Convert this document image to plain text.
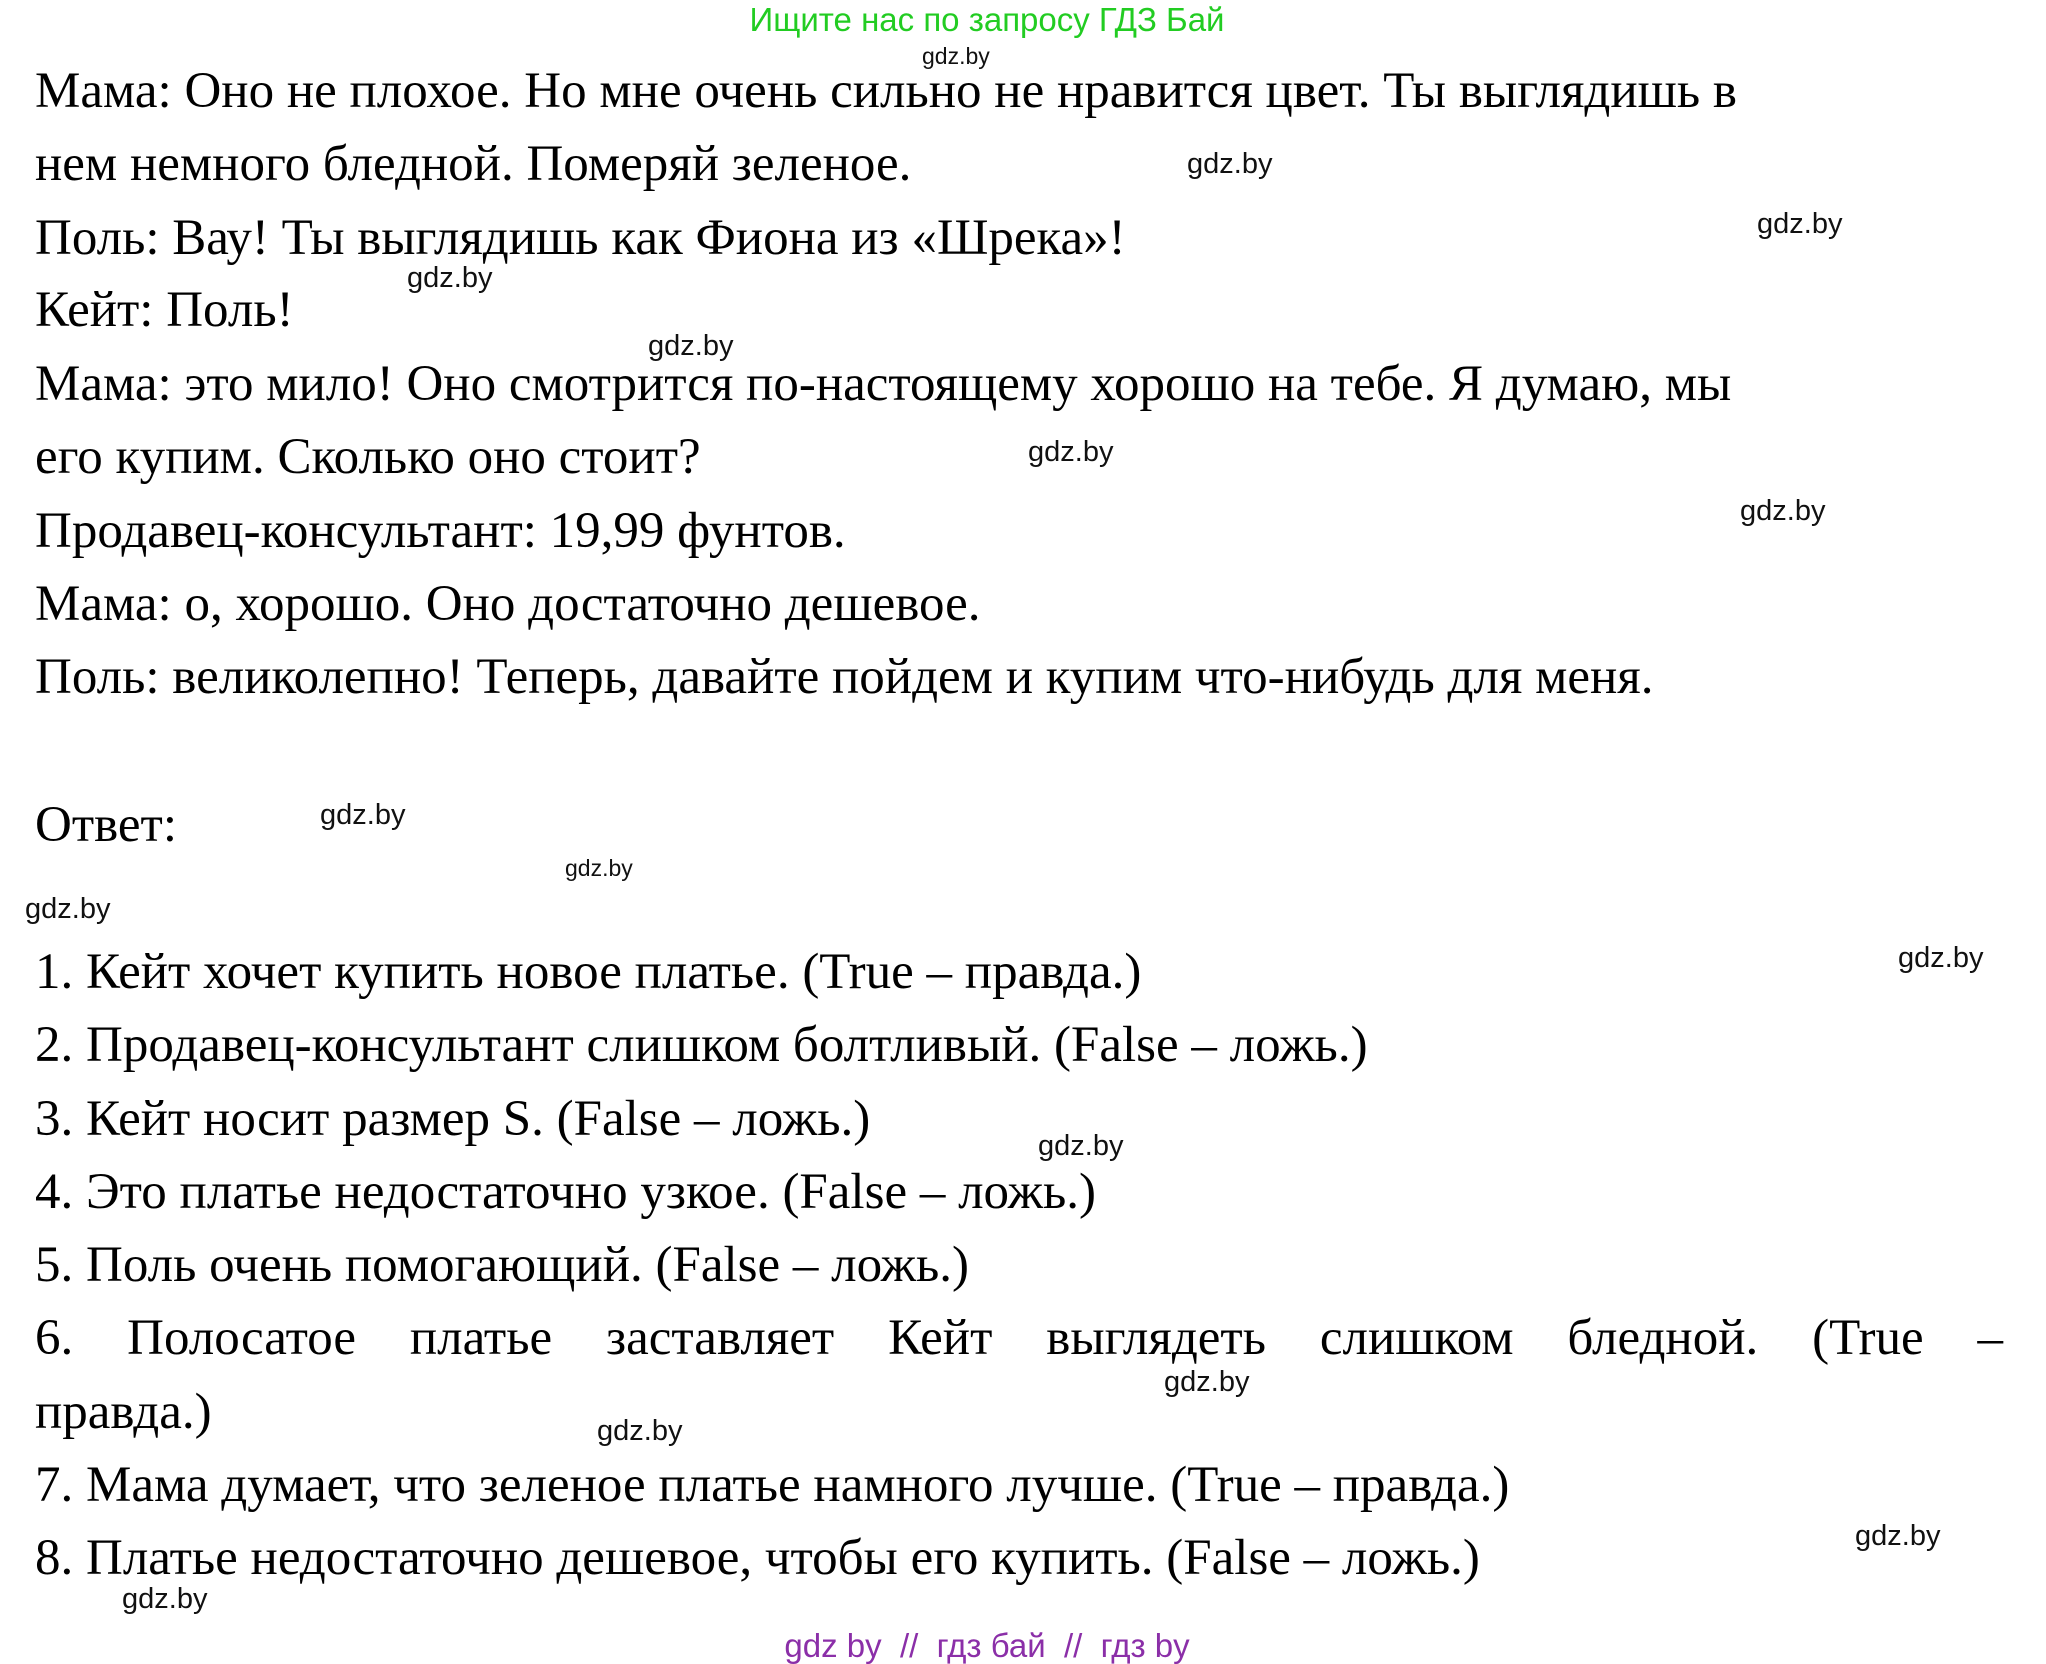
Ищите нас по запросу ГДЗ Бай
Мама: Оно не плохое. Но мне очень сильно не нравится цвет. Ты выглядишь в
нем немного бледной. Померяй зеленое.
Поль: Вау! Ты выглядишь как Фиона из «Шрека»!
Кейт: Поль!
Мама: это мило! Оно смотрится по-настоящему хорошо на тебе. Я думаю, мы
его купим. Сколько оно стоит?
Продавец-консультант: 19,99 фунтов.
Мама: о, хорошо. Оно достаточно дешевое.
Поль: великолепно! Теперь, давайте пойдем и купим что-нибудь для меня.
Ответ:
1. Кейт хочет купить новое платье. (True – правда.)
2. Продавец-консультант слишком болтливый. (False – ложь.)
3. Кейт носит размер S. (False – ложь.)
4. Это платье недостаточно узкое. (False – ложь.)
5. Поль очень помогающий. (False – ложь.)
6. Полосатое платье заставляет Кейт выглядеть слишком бледной. (True –
правда.)
7. Мама думает, что зеленое платье намного лучше. (True – правда.)
8. Платье недостаточно дешевое, чтобы его купить. (False – ложь.)
gdz.by
gdz.by
gdz.by
gdz.by
gdz.by
gdz.by
gdz.by
gdz.by
gdz.by
gdz.by
gdz.by
gdz.by
gdz.by
gdz.by
gdz.by
gdz.by
gdz by  //  гдз бай  //  гдз by
